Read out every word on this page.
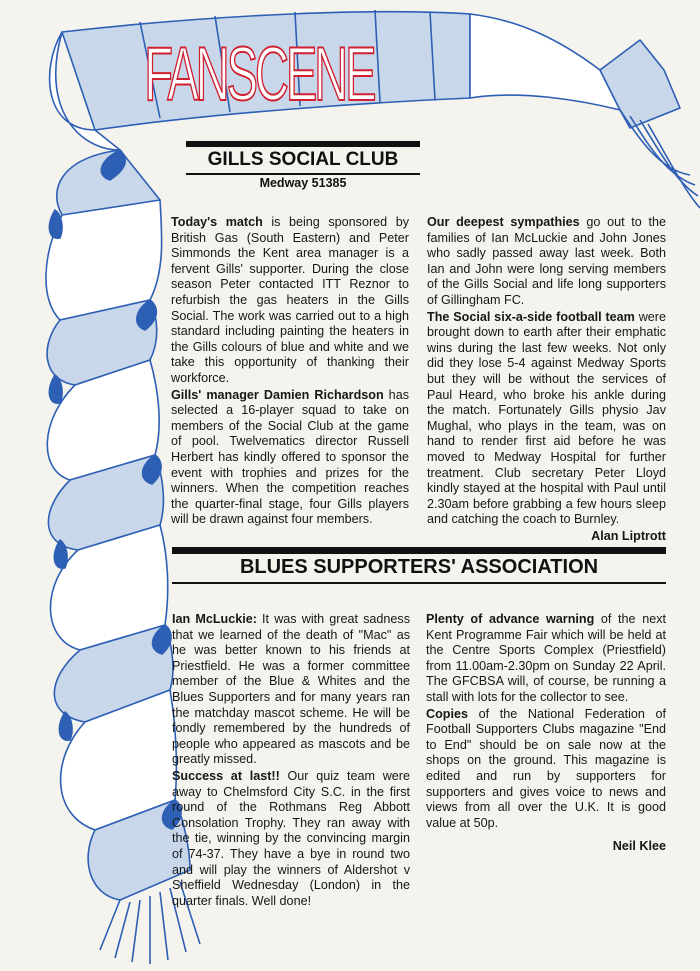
FANSCENE
GILLS SOCIAL CLUB
Medway 51385

Today's match is being sponsored by British Gas (South Eastern) and Peter Simmonds the Kent area manager is a fervent Gills' supporter. During the close season Peter contacted ITT Reznor to refurbish the gas heaters in the Gills Social. The work was carried out to a high standard including painting the heaters in the Gills colours of blue and white and we take this opportunity of thanking their workforce.

Gills' manager Damien Richardson has selected a 16-player squad to take on members of the Social Club at the game of pool. Twelvematics director Russell Herbert has kindly offered to sponsor the event with trophies and prizes for the winners. When the competition reaches the quarter-final stage, four Gills players will be drawn against four members.

Our deepest sympathies go out to the families of Ian McLuckie and John Jones who sadly passed away last week. Both Ian and John were long serving members of the Gills Social and life long supporters of Gillingham FC.

The Social six-a-side football team were brought down to earth after their emphatic wins during the last few weeks. Not only did they lose 5-4 against Medway Sports but they will be without the services of Paul Heard, who broke his ankle during the match. Fortunately Gills physio Jav Mughal, who plays in the team, was on hand to render first aid before he was moved to Medway Hospital for further treatment. Club secretary Peter Lloyd kindly stayed at the hospital with Paul until 2.30am before grabbing a few hours sleep and catching the coach to Burnley.

Alan Liptrott
BLUES SUPPORTERS' ASSOCIATION

Ian McLuckie: It was with great sadness that we learned of the death of "Mac" as he was better known to his friends at Priestfield. He was a former committee member of the Blue & Whites and the Blues Supporters and for many years ran the matchday mascot scheme. He will be fondly remembered by the hundreds of people who appeared as mascots and be greatly missed.

Success at last!! Our quiz team were away to Chelmsford City S.C. in the first round of the Rothmans Reg Abbott Consolation Trophy. They ran away with the tie, winning by the convincing margin of 74-37. They have a bye in round two and will play the winners of Aldershot v Sheffield Wednesday (London) in the quarter finals. Well done!

Plenty of advance warning of the next Kent Programme Fair which will be held at the Centre Sports Complex (Priestfield) from 11.00am-2.30pm on Sunday 22 April. The GFCBSA will, of course, be running a stall with lots for the collector to see.

Copies of the National Federation of Football Supporters Clubs magazine "End to End" should be on sale now at the shops on the ground. This magazine is edited and run by supporters for supporters and gives voice to news and views from all over the U.K. It is good value at 50p.

Neil Klee
